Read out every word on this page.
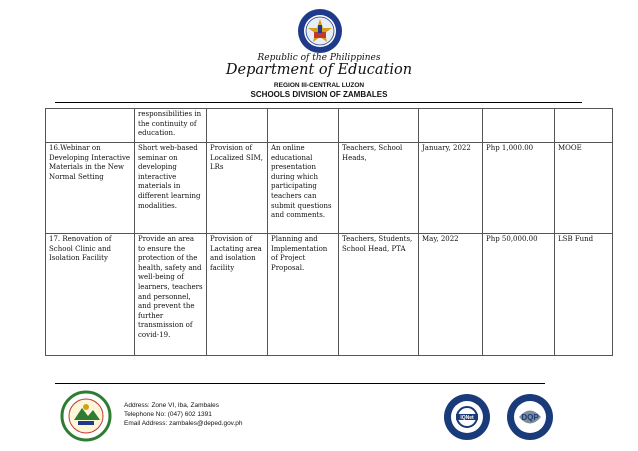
Republic of the Philippines
Department of Education
REGION III-CENTRAL LUZON
SCHOOLS DIVISION OF ZAMBALES
	responsibilities in the continuity of education.						
16.Webinar on Developing Interactive Materials in the New Normal Setting	Short web-based seminar on developing interactive materials in different learning modalities.	Provision of Localized SIM, LRs	An online educational presentation during which participating teachers can submit questions and comments.	Teachers, School Heads,	January, 2022	Php 1,000.00	MOOE
17. Renovation of School Clinic and Isolation Facility	Provide an area to ensure the protection of the health, safety and well-being of learners, teachers and personnel, and prevent the further transmission of covid-19.	Provision of Lactating area and isolation facility	Planning and Implementation of Project Proposal.	Teachers, Students, School Head, PTA	May, 2022	Php 50,000.00	LSB Fund
Address: Zone VI, Iba, Zambales
Telephone No: (047) 602 1391
Email Address: zambales@deped.gov.ph
IQNet	DQP
